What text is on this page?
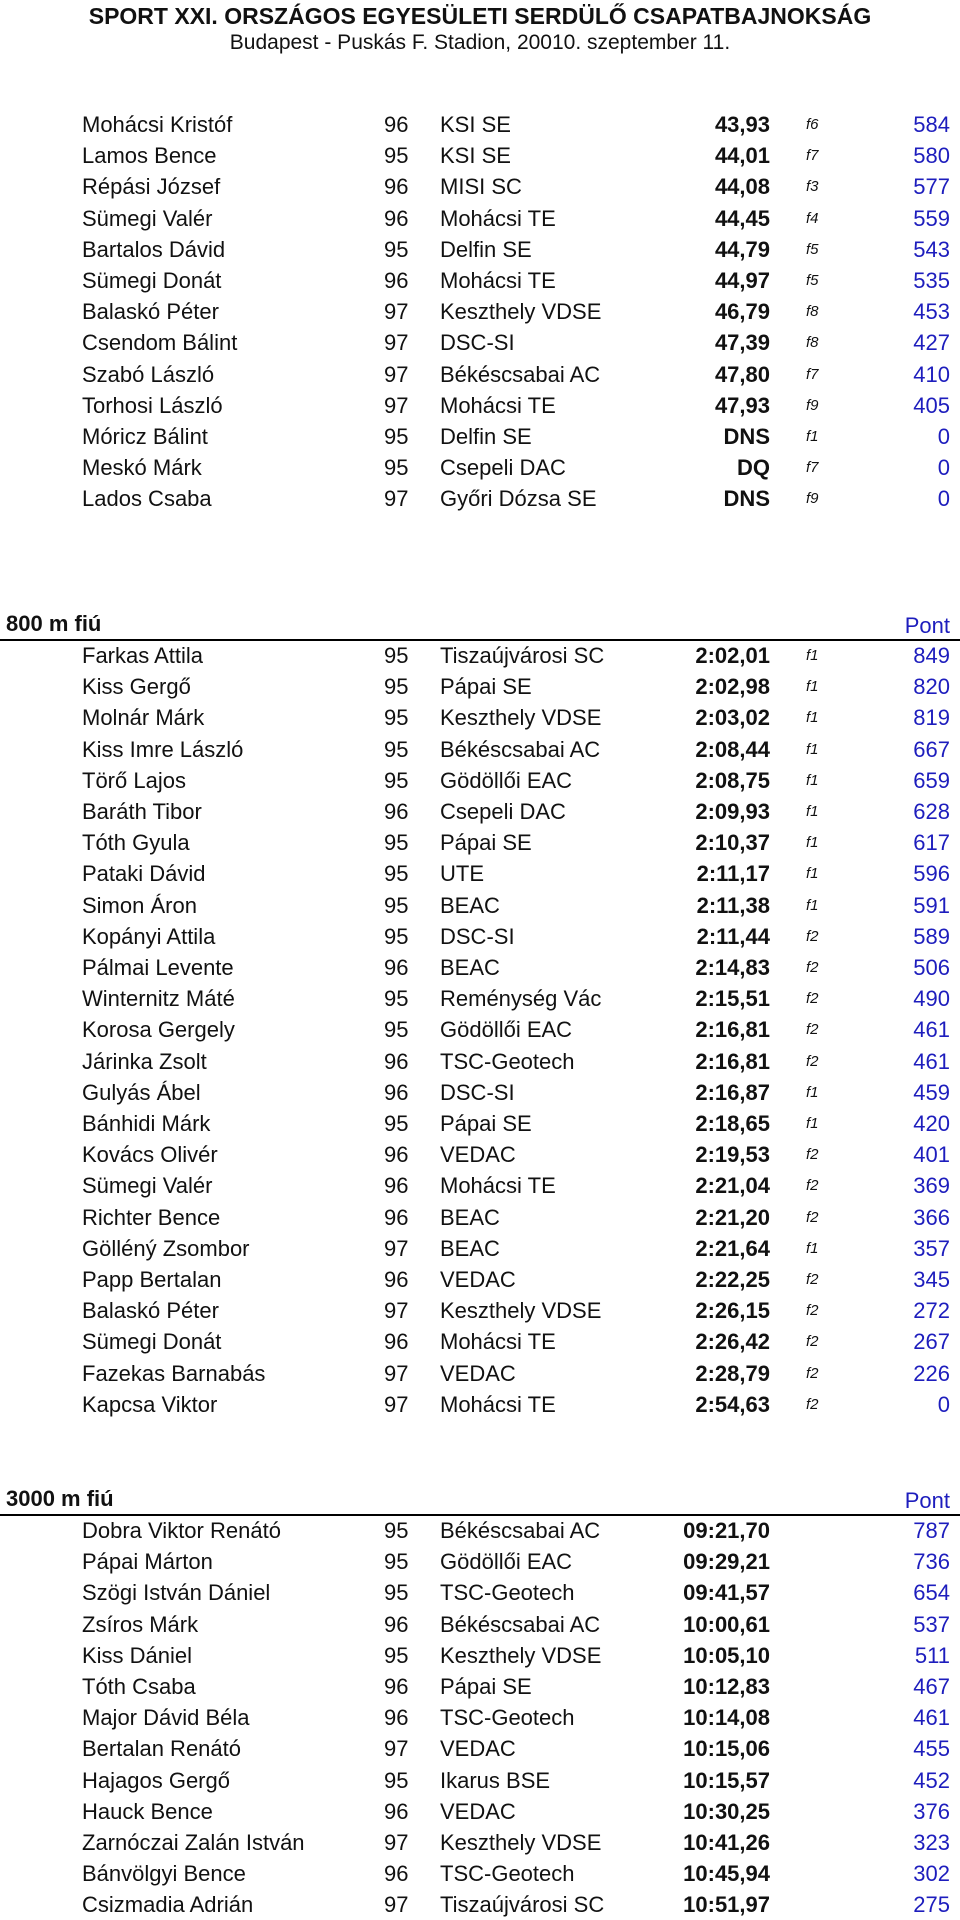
SPORT XXI. ORSZÁGOS EGYESÜLETI SERDÜLŐ CSAPATBAJNOKSÁG
Budapest - Puskás F. Stadion, 20010. szeptember 11.
Mohácsi Kristóf	96 KSI SE	43,93 f6	584
Lamos Bence	95 KSI SE	44,01 f7	580
Répási József	96 MISI SC	44,08 f3	577
Sümegi Valér	96 Mohácsi TE	44,45 f4	559
Bartalos Dávid	95 Delfin SE	44,79 f5	543
Sümegi Donát	96 Mohácsi TE	44,97 f5	535
Balaskó Péter	97 Keszthely VDSE	46,79 f8	453
Csendom Bálint	97 DSC-SI	47,39 f8	427
Szabó László	97 Békéscsabai AC	47,80 f7	410
Torhosi László	97 Mohácsi TE	47,93 f9	405
Móricz Bálint	95 Delfin SE	DNS f1	0
Meskó Márk	95 Csepeli DAC	DQ f7	0
Lados Csaba	97 Győri Dózsa SE	DNS f9	0
800 m fiú	Pont
Farkas Attila	95 Tiszaújvárosi SC	2:02,01 f1	849
Kiss Gergő	95 Pápai SE	2:02,98 f1	820
Molnár Márk	95 Keszthely VDSE	2:03,02 f1	819
Kiss Imre László	95 Békéscsabai AC	2:08,44 f1	667
Törő Lajos	95 Gödöllői EAC	2:08,75 f1	659
Baráth Tibor	96 Csepeli DAC	2:09,93 f1	628
Tóth Gyula	95 Pápai SE	2:10,37 f1	617
Pataki Dávid	95 UTE	2:11,17 f1	596
Simon Áron	95 BEAC	2:11,38 f1	591
Kopányi Attila	95 DSC-SI	2:11,44 f2	589
Pálmai Levente	96 BEAC	2:14,83 f2	506
Winternitz Máté	95 Reménység Vác	2:15,51 f2	490
Korosa Gergely	95 Gödöllői EAC	2:16,81 f2	461
Járinka Zsolt	96 TSC-Geotech	2:16,81 f2	461
Gulyás Ábel	96 DSC-SI	2:16,87 f1	459
Bánhidi Márk	95 Pápai SE	2:18,65 f1	420
Kovács Olivér	96 VEDAC	2:19,53 f2	401
Sümegi Valér	96 Mohácsi TE	2:21,04 f2	369
Richter Bence	96 BEAC	2:21,20 f2	366
Gölléný Zsombor	97 BEAC	2:21,64 f1	357
Papp Bertalan	96 VEDAC	2:22,25 f2	345
Balaskó Péter	97 Keszthely VDSE	2:26,15 f2	272
Sümegi Donát	96 Mohácsi TE	2:26,42 f2	267
Fazekas Barnabás	97 VEDAC	2:28,79 f2	226
Kapcsa Viktor	97 Mohácsi TE	2:54,63 f2	0
3000 m fiú	Pont
Dobra Viktor Renátó	95 Békéscsabai AC	09:21,70	787
Pápai Márton	95 Gödöllői EAC	09:29,21	736
Szögi István Dániel	95 TSC-Geotech	09:41,57	654
Zsíros Márk	96 Békéscsabai AC	10:00,61	537
Kiss Dániel	95 Keszthely VDSE	10:05,10	511
Tóth Csaba	96 Pápai SE	10:12,83	467
Major Dávid Béla	96 TSC-Geotech	10:14,08	461
Bertalan Renátó	97 VEDAC	10:15,06	455
Hajagos Gergő	95 Ikarus BSE	10:15,57	452
Hauck Bence	96 VEDAC	10:30,25	376
Zarnóczai Zalán István	97 Keszthely VDSE	10:41,26	323
Bánvölgyi Bence	96 TSC-Geotech	10:45,94	302
Csizmadia Adrián	97 Tiszaújvárosi SC	10:51,97	275
